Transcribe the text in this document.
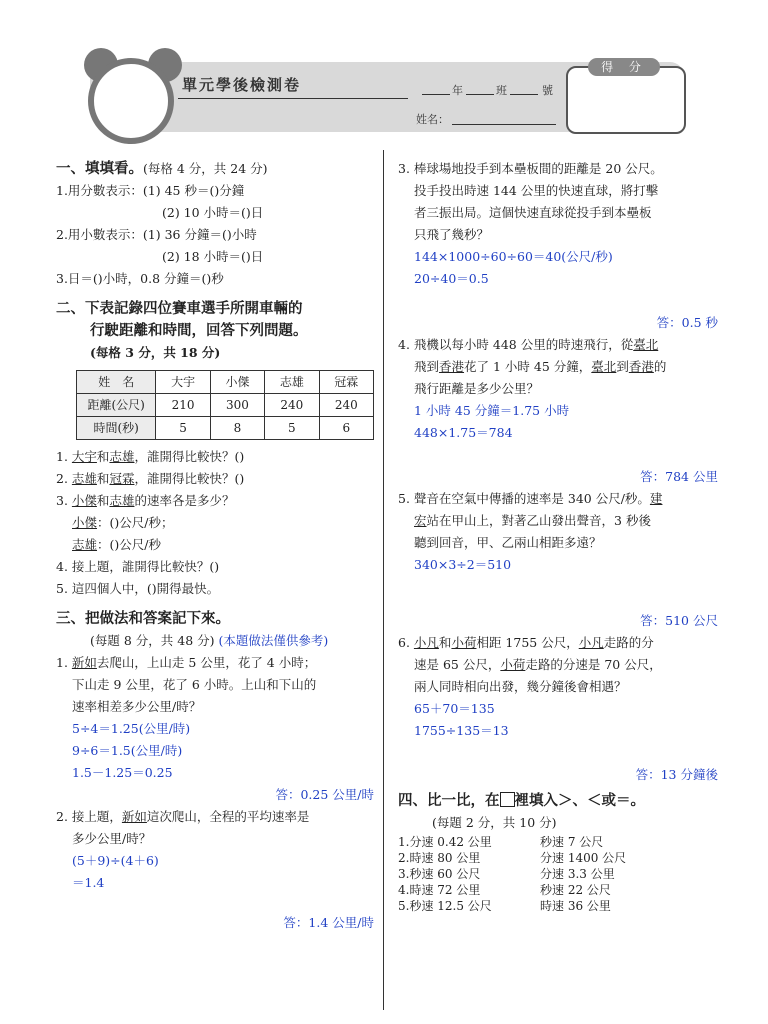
單元學後檢測卷	年	班	號
姓名：
得 分
一、填填看。(每格 4 分，共 24 分)
1.用分數表示：(1) 45 秒＝()分鐘
(2) 10 小時＝()日
2.用小數表示：(1) 36 分鐘＝()小時
(2) 18 小時＝()日
3.日＝()小時，0.8 分鐘＝()秒
二、下表記錄四位賽車選手所開車輛的
行駛距離和時間，回答下列問題。
(每格 3 分，共 18 分)
姓　名	大宇	小傑	志雄	冠霖
距離(公尺)	210	300	240	240
時間(秒)	5	8	5	6
1. 大宇和志雄，誰開得比較快？()
2. 志雄和冠霖，誰開得比較快？()
3. 小傑和志雄的速率各是多少？
小傑：()公尺/秒；
志雄：()公尺/秒
4. 接上題，誰開得比較快？()
5. 這四個人中，()開得最快。
三、把做法和答案記下來。
(每題 8 分，共 48 分) (本題做法僅供參考)
1. 新如去爬山，上山走 5 公里，花了 4 小時；
下山走 9 公里，花了 6 小時。上山和下山的
速率相差多少公里/時？
5÷4＝1.25(公里/時)
9÷6＝1.5(公里/時)
1.5－1.25＝0.25
答：0.25 公里/時
2. 接上題，新如這次爬山，全程的平均速率是
多少公里/時？
(5＋9)÷(4＋6)
＝1.4
答：1.4 公里/時
3. 棒球場地投手到本壘板間的距離是 20 公尺。
投手投出時速 144 公里的快速直球，將打擊
者三振出局。這個快速直球從投手到本壘板
只飛了幾秒？
144×1000÷60÷60＝40(公尺/秒)
20÷40＝0.5
答：0.5 秒
4. 飛機以每小時 448 公里的時速飛行，從臺北
飛到香港花了 1 小時 45 分鐘，臺北到香港的
飛行距離是多少公里？
1 小時 45 分鐘＝1.75 小時
448×1.75＝784
答：784 公里
5. 聲音在空氣中傳播的速率是 340 公尺/秒。建
宏站在甲山上，對著乙山發出聲音，3 秒後
聽到回音，甲、乙兩山相距多遠？
340×3÷2＝510
答：510 公尺
6. 小凡和小荷相距 1755 公尺，小凡走路的分
速是 65 公尺，小荷走路的分速是 70 公尺，
兩人同時相向出發，幾分鐘後會相遇？
65＋70＝135
1755÷135＝13
答：13 分鐘後
四、比一比，在 裡填入＞、＜或＝。
(每題 2 分，共 10 分)
1.分速 0.42 公里	秒速 7 公尺
2.時速 80 公里	分速 1400 公尺
3.秒速 60 公尺	分速 3.3 公里
4.時速 72 公里	秒速 22 公尺
5.秒速 12.5 公尺	時速 36 公里
